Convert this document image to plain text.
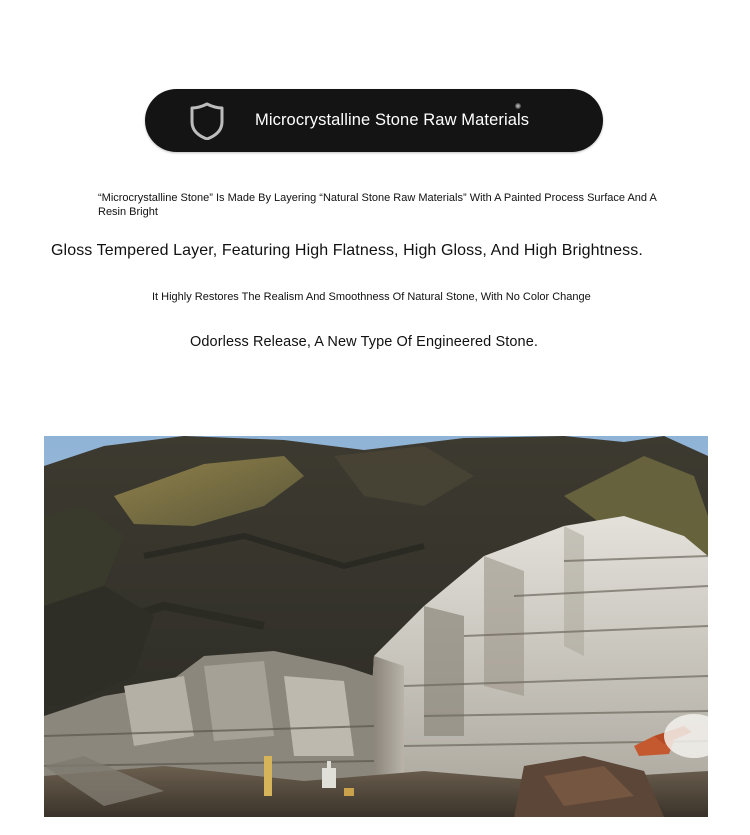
Microcrystalline Stone Raw Materials
“Microcrystalline Stone” Is Made By Layering “Natural Stone Raw Materials” With A Painted Process Surface And A Resin Bright
Gloss Tempered Layer, Featuring High Flatness, High Gloss, And High Brightness.
It Highly Restores The Realism And Smoothness Of Natural Stone, With No Color Change
Odorless Release, A New Type Of Engineered Stone.
